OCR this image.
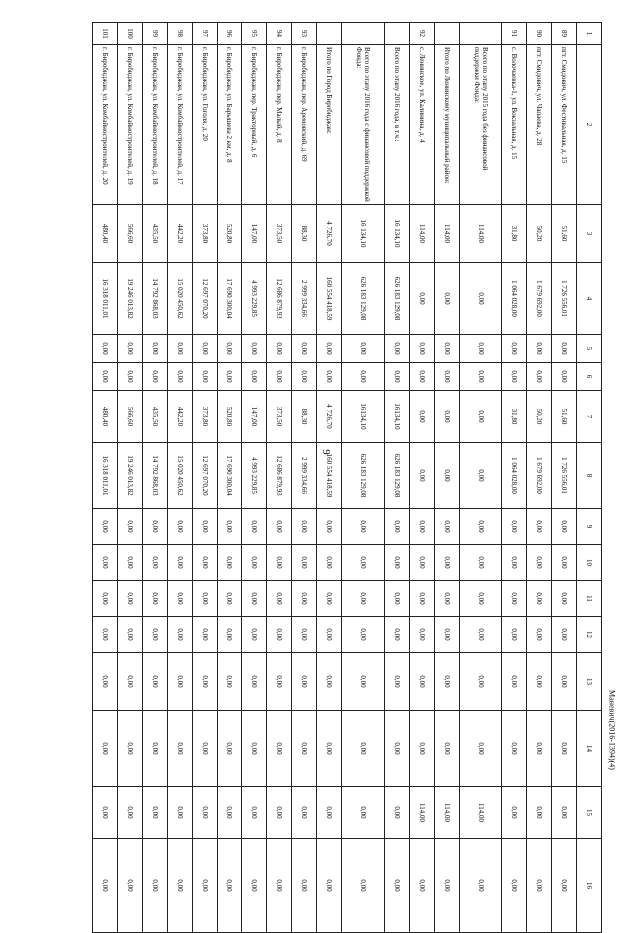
9
Маневич(2016-1394)(4)
1	2	3	4	5	6	7	8	9	10	11	12	13	14	15	16
89	пгт. Смидович, ул. Фестивальная, д. 15	51,60	1 726 556,01	0,00	0,00	51,60	1 726 556,01	0,00	0,00	0,00	0,00	0,00	0,00	0,00	0,00
90	пгт. Смидович, ул. Чапаева, д. 28	50,20	1 679 692,00	0,00	0,00	50,20	1 679 692,00	0,00	0,00	0,00	0,00	0,00	0,00	0,00	0,00
91	с. Волочаевка-1, ул. Вокзальная, д. 15	31,80	1 064 028,00	0,00	0,00	31,80	1 064 028,00	0,00	0,00	0,00	0,00	0,00	0,00	0,00	0,00
	Всего по этапу 2015 года без финансовой поддержки Фонда:	114,00	0,00	0,00	0,00	0,00	0,00	0,00	0,00	0,00	0,00	0,00	0,00	114,00	0,00
	Итого по Ленинскому муниципальный район:	114,00	0,00	0,00	0,00	0,00	0,00	0,00	0,00	0,00	0,00	0,00	0,00	114,00	0,00
92	с. Ленинское, ул. Калинина, д. 4	114,00	0,00	0,00	0,00	0,00	0,00	0,00	0,00	0,00	0,00	0,00	0,00	114,00	0,00
	Всего по этапу 2016 года, в т.ч.:	16 134,10	626 183 129,08	0,00	0,00	16134,10	626 183 129,08	0,00	0,00	0,00	0,00	0,00	0,00	0,00	0,00
	Всего по этапу 2016 года с финансовой поддержкой Фонда:	16 134,10	626 183 129,08	0,00	0,00	16134,10	626 183 129,08	0,00	0,00	0,00	0,00	0,00	0,00	0,00	0,00
	Итого по Город Биробиджан:	4 726,70	160 554 418,59	0,00	0,00	4 726,70	160 554 418,59	0,00	0,00	0,00	0,00	0,00	0,00	0,00	0,00
93	г. Биробиджан, пер. Аремовский, д. 69	88,30	2 999 334,66	0,00	0,00	88,30	2 999 334,66	0,00	0,00	0,00	0,00	0,00	0,00	0,00	0,00
94	г. Биробиджан, пер. Малый, д. 8	373,50	12 686 879,93	0,00	0,00	373,50	12 686 879,93	0,00	0,00	0,00	0,00	0,00	0,00	0,00	0,00
95	г. Биробиджан, пер. Тракторный, д. 6	147,00	4 993 229,85	0,00	0,00	147,00	4 993 229,85	0,00	0,00	0,00	0,00	0,00	0,00	0,00	0,00
96	г. Биробиджан, ул. Барышева 2 км, д. 8	520,80	17 690 300,04	0,00	0,00	520,80	17 690 300,04	0,00	0,00	0,00	0,00	0,00	0,00	0,00	0,00
97	г. Биробиджан, ул. Гоголя, д. 20	373,80	12 697 070,20	0,00	0,00	373,80	12 697 070,20	0,00	0,00	0,00	0,00	0,00	0,00	0,00	0,00
98	г. Биробиджан, ул. Комбайностроителей, д. 17	442,20	15 020 450,62	0,00	0,00	442,20	15 020 450,62	0,00	0,00	0,00	0,00	0,00	0,00	0,00	0,00
99	г. Биробиджан, ул. Комбайностроителей, д. 18	435,50	14 792 868,03	0,00	0,00	435,50	14 792 868,03	0,00	0,00	0,00	0,00	0,00	0,00	0,00	0,00
100	г. Биробиджан, ул. Комбайностроителей, д. 19	566,60	19 246 013,82	0,00	0,00	566,60	19 246 013,82	0,00	0,00	0,00	0,00	0,00	0,00	0,00	0,00
101	г. Биробиджан, ул. Комбайностроителей, д. 20	480,40	16 318 011,01	0,00	0,00	480,40	16 318 011,01	0,00	0,00	0,00	0,00	0,00	0,00	0,00	0,00
